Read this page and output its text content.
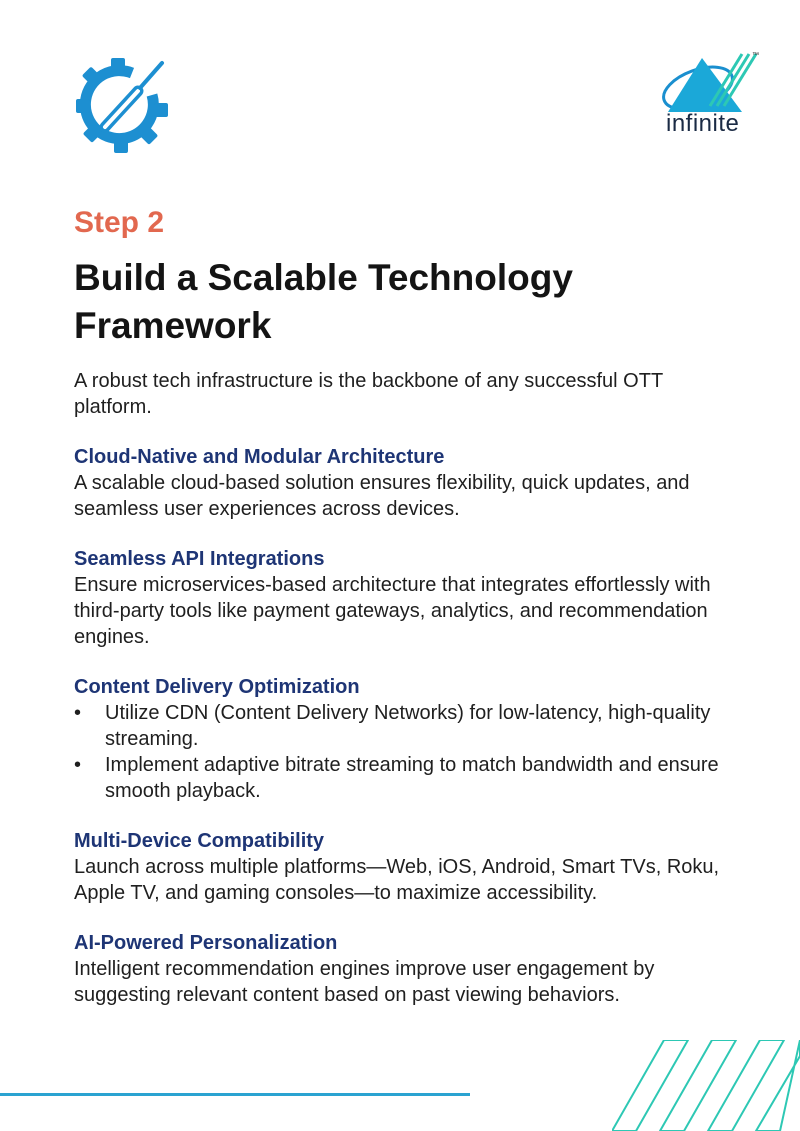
™
infinite
Step 2
Build a Scalable Technology Framework

A robust tech infrastructure is the backbone of any successful OTT platform.

Cloud-Native and Modular Architecture

A scalable cloud-based solution ensures flexibility, quick updates, and seamless user experiences across devices.

Seamless API Integrations

Ensure microservices-based architecture that integrates effortlessly with third-party tools like payment gateways, analytics, and recommendation engines.

Content Delivery Optimization
• Utilize CDN (Content Delivery Networks) for low-latency, high-quality streaming.
• Implement adaptive bitrate streaming to match bandwidth and ensure smooth playback.
Multi-Device Compatibility

Launch across multiple platforms—Web, iOS, Android, Smart TVs, Roku, Apple TV, and gaming consoles—to maximize accessibility.

AI-Powered Personalization

Intelligent recommendation engines improve user engagement by suggesting relevant content based on past viewing behaviors.
